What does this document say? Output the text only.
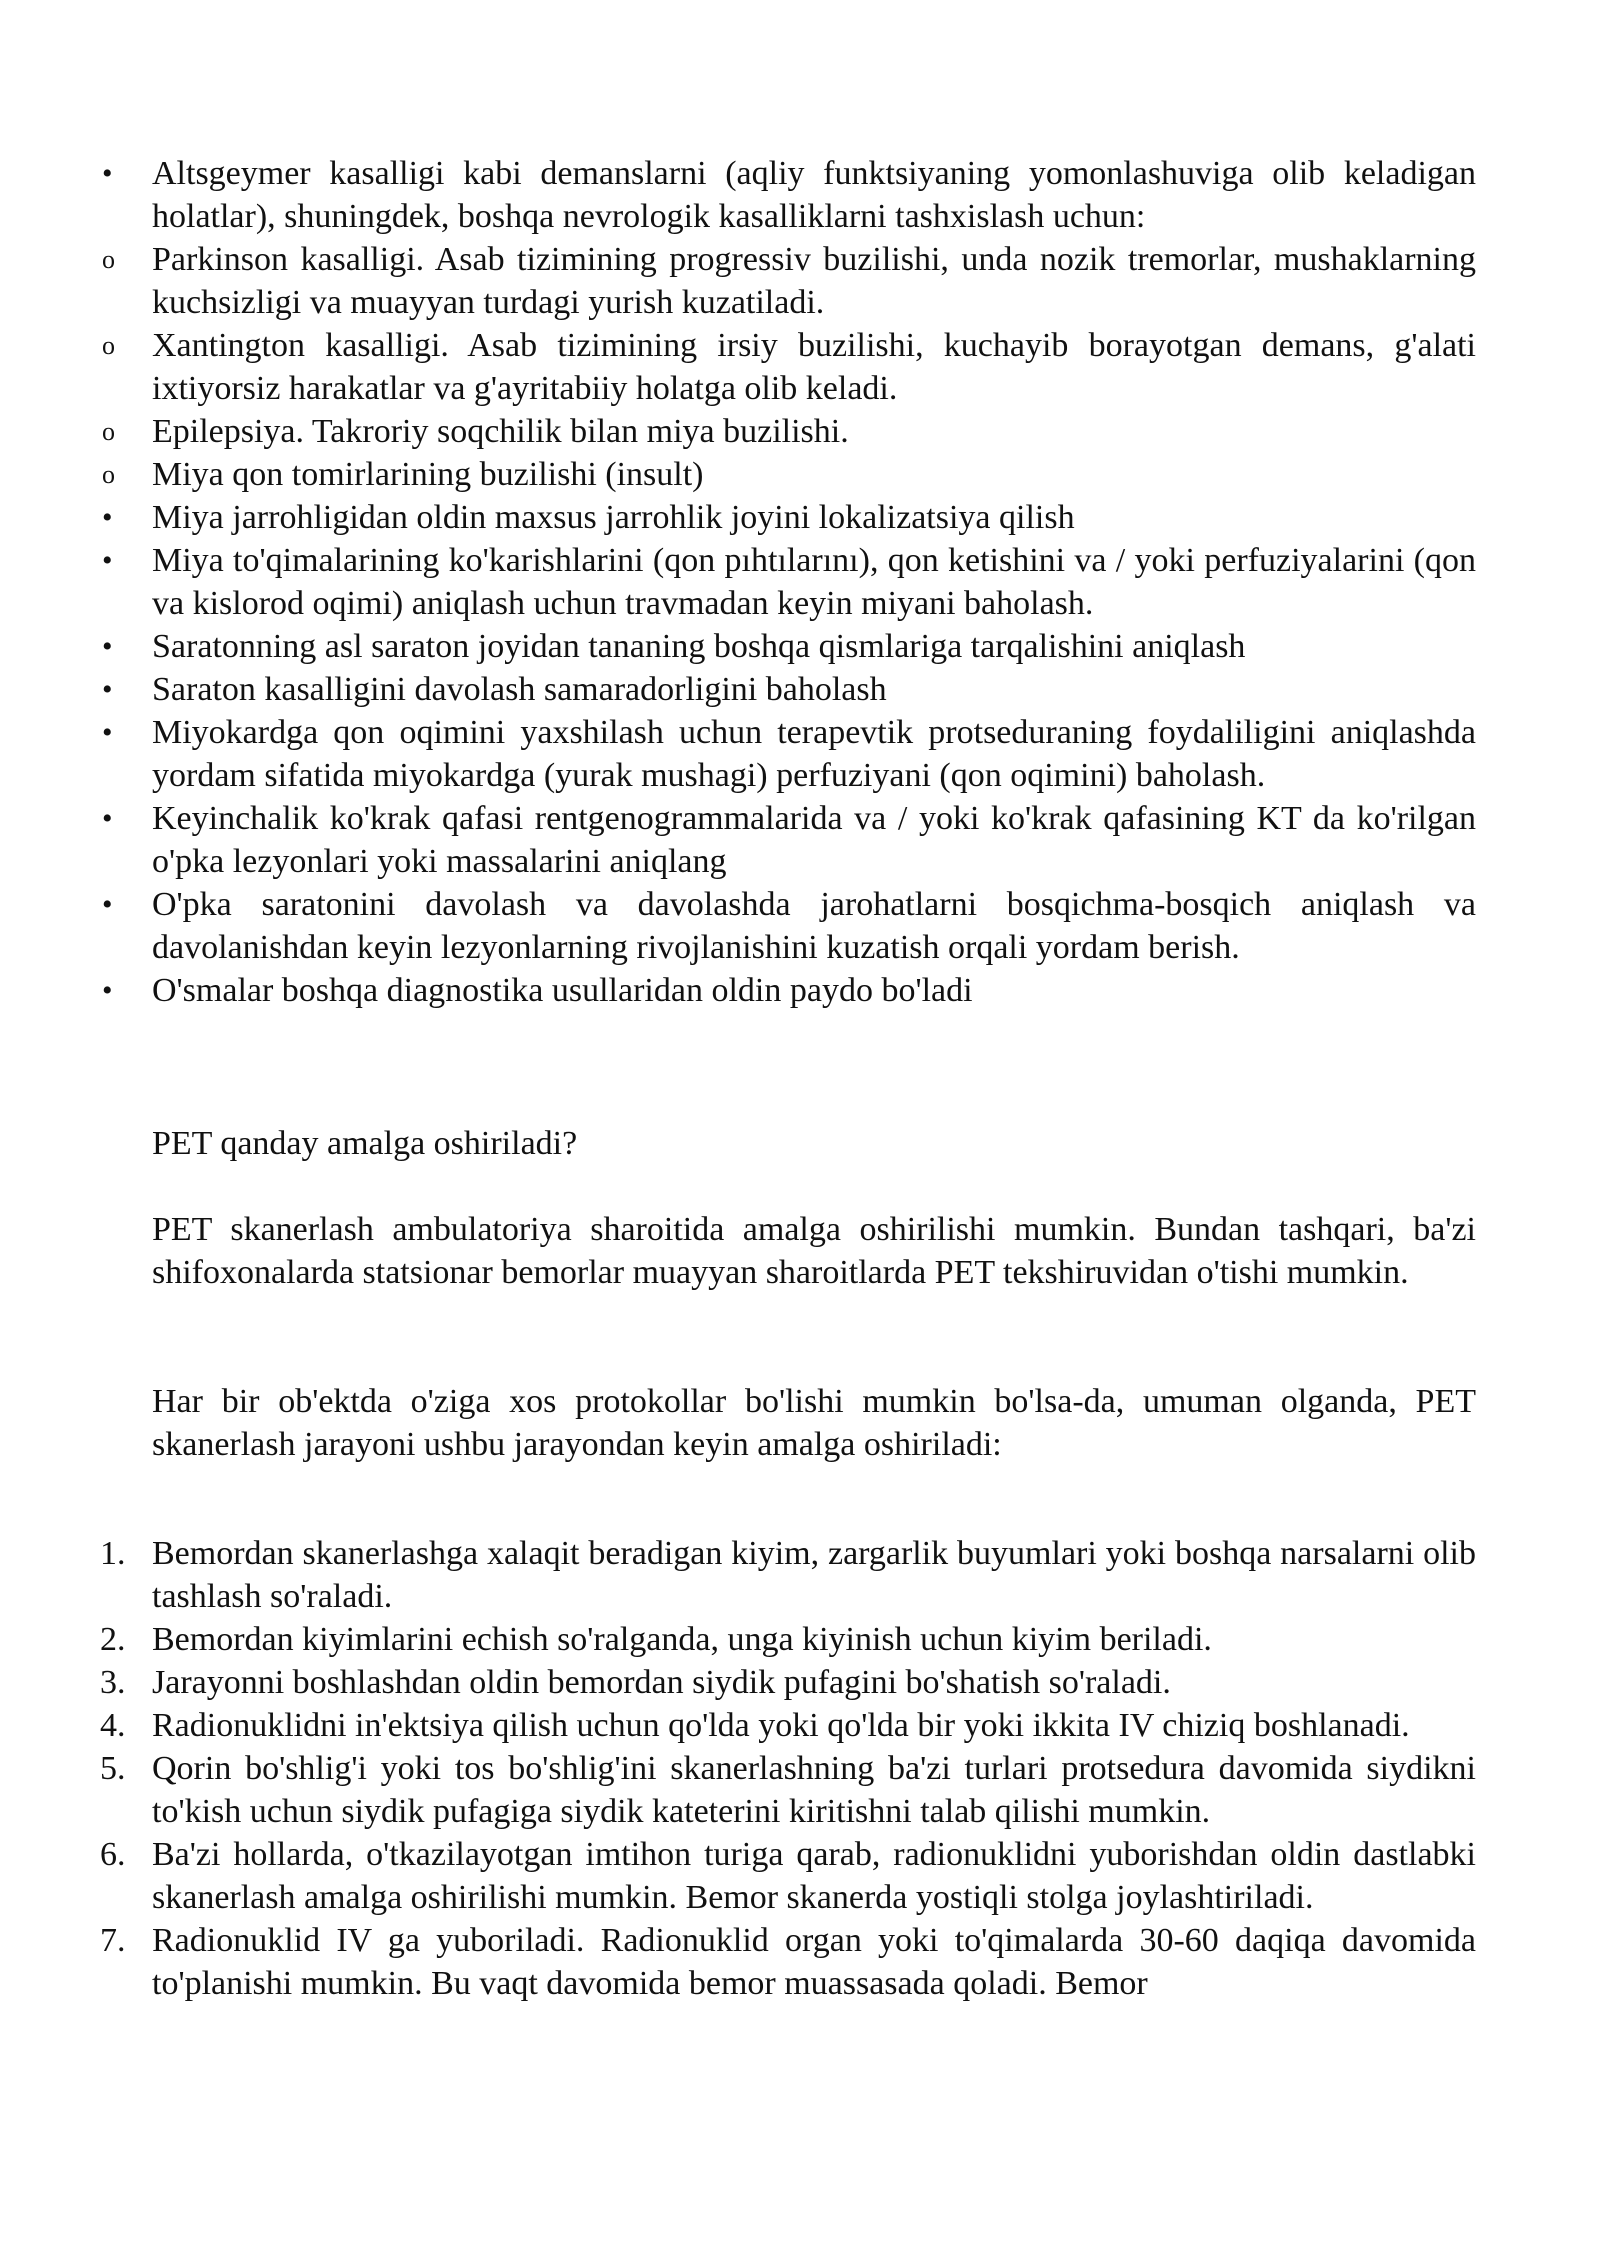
•	Altsgeymer kasalligi kabi demanslarni (aqliy funktsiyaning yomonlashuviga olib keladigan holatlar), shuningdek, boshqa nevrologik kasalliklarni tashxislash uchun:
o	Parkinson kasalligi. Asab tizimining progressiv buzilishi, unda nozik tremorlar, mushaklarning kuchsizligi va muayyan turdagi yurish kuzatiladi.
o	Xantington kasalligi. Asab tizimining irsiy buzilishi, kuchayib borayotgan demans, g'alati ixtiyorsiz harakatlar va g'ayritabiiy holatga olib keladi.
o	Epilepsiya. Takroriy soqchilik bilan miya buzilishi.
o	Miya qon tomirlarining buzilishi (insult)
•	Miya jarrohligidan oldin maxsus jarrohlik joyini lokalizatsiya qilish
•	Miya to'qimalarining ko'karishlarini (qon pıhtılarını), qon ketishini va / yoki perfuziyalarini (qon va kislorod oqimi) aniqlash uchun travmadan keyin miyani baholash.
•	Saratonning asl saraton joyidan tananing boshqa qismlariga tarqalishini aniqlash
•	Saraton kasalligini davolash samaradorligini baholash
•	Miyokardga qon oqimini yaxshilash uchun terapevtik protseduraning foydaliligini aniqlashda yordam sifatida miyokardga (yurak mushagi) perfuziyani (qon oqimini) baholash.
•	Keyinchalik ko'krak qafasi rentgenogrammalarida va / yoki ko'krak qafasining KT da ko'rilgan o'pka lezyonlari yoki massalarini aniqlang
•	O'pka saratonini davolash va davolashda jarohatlarni bosqichma-bosqich aniqlash va davolanishdan keyin lezyonlarning rivojlanishini kuzatish orqali yordam berish.
•	O'smalar boshqa diagnostika usullaridan oldin paydo bo'ladi

PET qanday amalga oshiriladi?

PET skanerlash ambulatoriya sharoitida amalga oshirilishi mumkin. Bundan tashqari, ba'zi shifoxonalarda statsionar bemorlar muayyan sharoitlarda PET tekshiruvidan o'tishi mumkin.

Har bir ob'ektda o'ziga xos protokollar bo'lishi mumkin bo'lsa-da, umuman olganda, PET skanerlash jarayoni ushbu jarayondan keyin amalga oshiriladi:

1. Bemordan skanerlashga xalaqit beradigan kiyim, zargarlik buyumlari yoki boshqa narsalarni olib tashlash so'raladi.
2. Bemordan kiyimlarini echish so'ralganda, unga kiyinish uchun kiyim beriladi.
3. Jarayonni boshlashdan oldin bemordan siydik pufagini bo'shatish so'raladi.
4. Radionuklidni in'ektsiya qilish uchun qo'lda yoki qo'lda bir yoki ikkita IV chiziq boshlanadi.
5. Qorin bo'shlig'i yoki tos bo'shlig'ini skanerlashning ba'zi turlari protsedura davomida siydikni to'kish uchun siydik pufagiga siydik kateterini kiritishni talab qilishi mumkin.
6. Ba'zi hollarda, o'tkazilayotgan imtihon turiga qarab, radionuklidni yuborishdan oldin dastlabki skanerlash amalga oshirilishi mumkin. Bemor skanerda yostiqli stolga joylashtiriladi.
7. Radionuklid IV ga yuboriladi. Radionuklid organ yoki to'qimalarda 30-60 daqiqa davomida to'planishi mumkin. Bu vaqt davomida bemor muassasada qoladi. Bemor
